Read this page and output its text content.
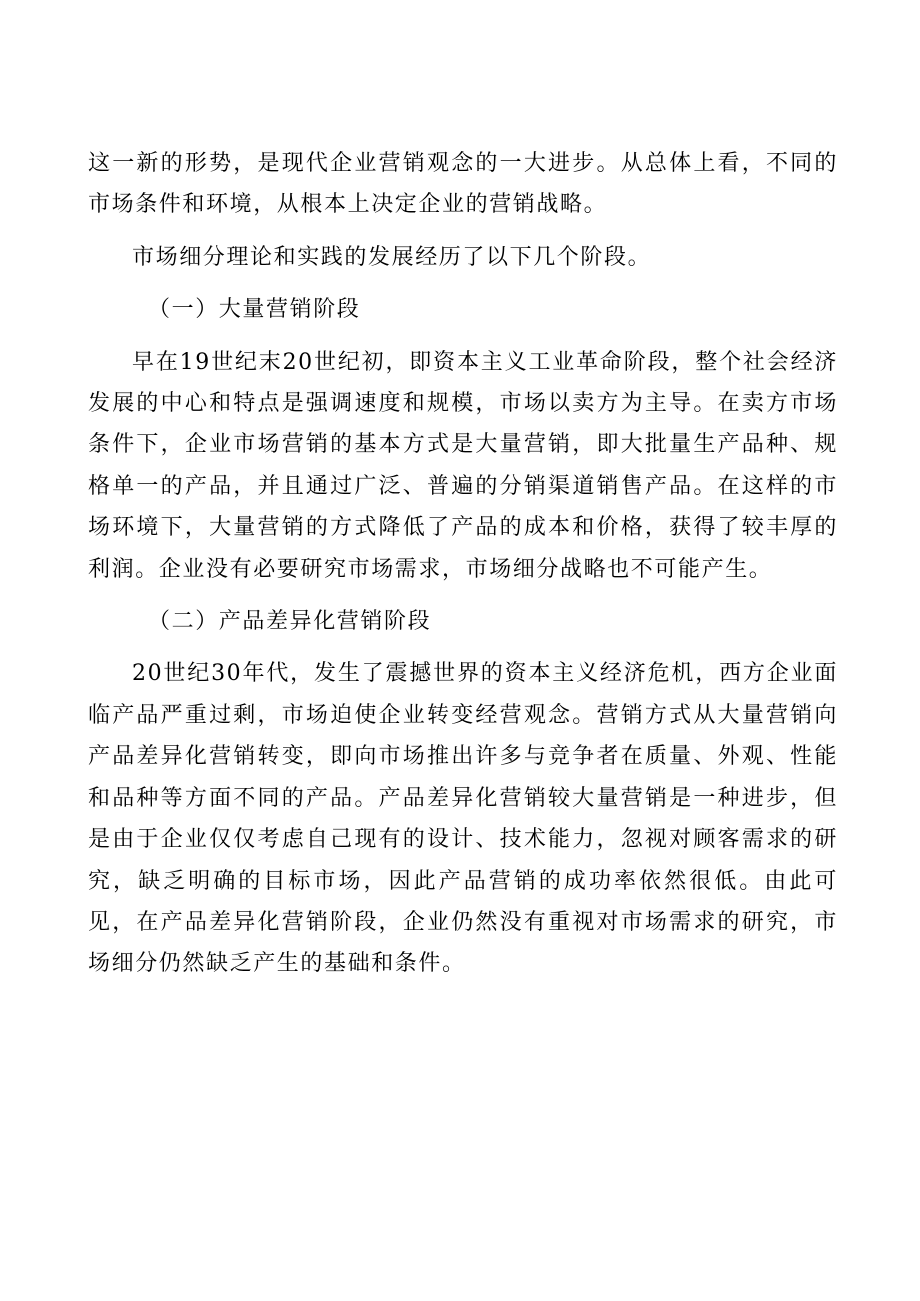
这一新的形势，是现代企业营销观念的一大进步。从总体上看，不同的市场条件和环境，从根本上决定企业的营销战略。

市场细分理论和实践的发展经历了以下几个阶段。

（一）大量营销阶段

早在19世纪末20世纪初，即资本主义工业革命阶段，整个社会经济发展的中心和特点是强调速度和规模，市场以卖方为主导。在卖方市场条件下，企业市场营销的基本方式是大量营销，即大批量生产品种、规格单一的产品，并且通过广泛、普遍的分销渠道销售产品。在这样的市场环境下，大量营销的方式降低了产品的成本和价格，获得了较丰厚的利润。企业没有必要研究市场需求，市场细分战略也不可能产生。

（二）产品差异化营销阶段

20世纪30年代，发生了震撼世界的资本主义经济危机，西方企业面临产品严重过剩，市场迫使企业转变经营观念。营销方式从大量营销向产品差异化营销转变，即向市场推出许多与竞争者在质量、外观、性能和品种等方面不同的产品。产品差异化营销较大量营销是一种进步，但是由于企业仅仅考虑自己现有的设计、技术能力，忽视对顾客需求的研究，缺乏明确的目标市场，因此产品营销的成功率依然很低。由此可见，在产品差异化营销阶段，企业仍然没有重视对市场需求的研究，市场细分仍然缺乏产生的基础和条件。
